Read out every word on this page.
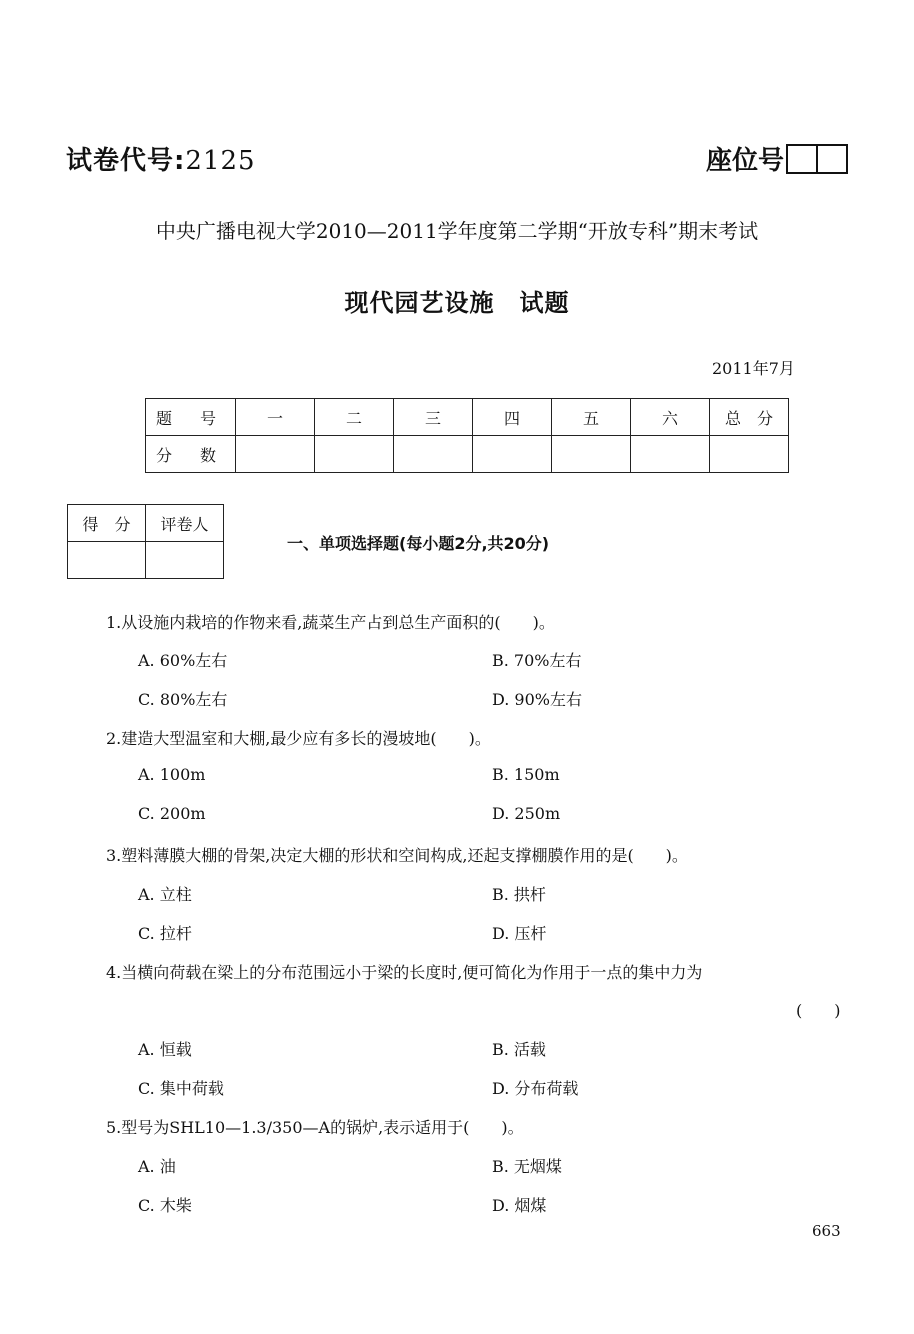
试卷代号:2125	座位号
中央广播电视大学2010—2011学年度第二学期“开放专科”期末考试
现代园艺设施　试题
2011年7月
题　号	一	二	三	四	五	六	总　分
分　数							
得　分	评卷人

一、单项选择题(每小题2分,共20分)
1.从设施内栽培的作物来看,蔬菜生产占到总生产面积的(　　)。
A. 60%左右	B. 70%左右
C. 80%左右	D. 90%左右
2.建造大型温室和大棚,最少应有多长的漫坡地(　　)。
A. 100m	B. 150m
C. 200m	D. 250m
3.塑料薄膜大棚的骨架,决定大棚的形状和空间构成,还起支撑棚膜作用的是(　　)。
A. 立柱	B. 拱杆
C. 拉杆	D. 压杆
4.当横向荷载在梁上的分布范围远小于梁的长度时,便可简化为作用于一点的集中力为
(　　)
A. 恒载	B. 活载
C. 集中荷载	D. 分布荷载
5.型号为SHL10—1.3/350—A的锅炉,表示适用于(　　)。
A. 油	B. 无烟煤
C. 木柴	D. 烟煤
663
